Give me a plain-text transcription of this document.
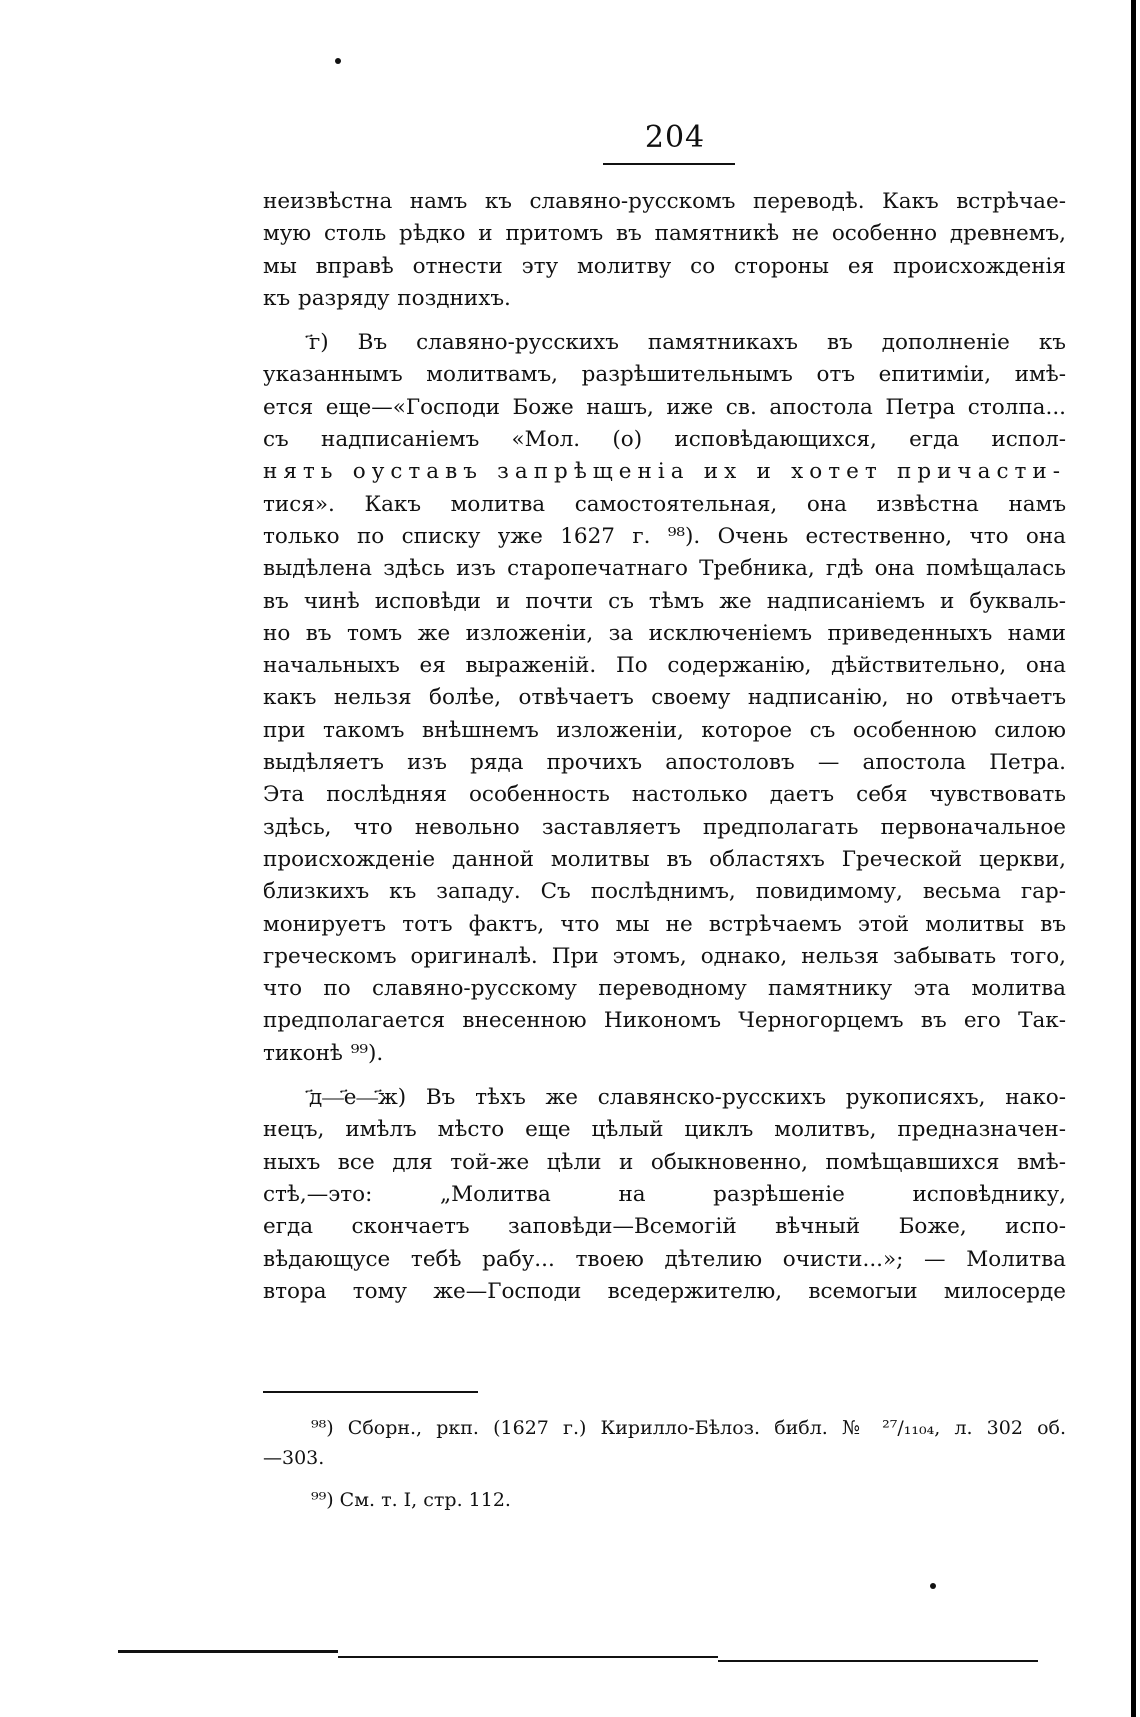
204
неизвѣстна намъ къ славяно-русскомъ переводѣ. Какъ встрѣчае-
мую столь рѣдко и притомъ въ памятникѣ не особенно древнемъ,
мы вправѣ отнести эту молитву со стороны ея происхожденія
къ разряду позднихъ.
҃г) Въ славяно-русскихъ памятникахъ въ дополненіе къ
указаннымъ молитвамъ, разрѣшительнымъ отъ епитиміи, имѣ-
ется еще—«Господи Боже нашъ, иже св. апостола Петра столпа...
съ надписаніемъ «Мол. (о) исповѣдающихся, егда испол-
нять оуставъ запрѣщеніа их и хотет причасти-
тися». Какъ молитва самостоятельная, она извѣстна намъ
только по списку уже 1627 г. ⁹⁸). Очень естественно, что она
выдѣлена здѣсь изъ старопечатнаго Требника, гдѣ она помѣщалась
въ чинѣ исповѣди и почти съ тѣмъ же надписаніемъ и букваль-
но въ томъ же изложеніи, за исключеніемъ приведенныхъ нами
начальныхъ ея выраженій. По содержанію, дѣйствительно, она
какъ нельзя болѣе, отвѣчаетъ своему надписанію, но отвѣчаетъ
при такомъ внѣшнемъ изложеніи, которое съ особенною силою
выдѣляетъ изъ ряда прочихъ апостоловъ — апостола Петра.
Эта послѣдняя особенность настолько даетъ себя чувствовать
здѣсь, что невольно заставляетъ предполагать первоначальное
происхожденіе данной молитвы въ областяхъ Греческой церкви,
близкихъ къ западу. Съ послѣднимъ, повидимому, весьма гар-
монируетъ тотъ фактъ, что мы не встрѣчаемъ этой молитвы въ
греческомъ оригиналѣ. При этомъ, однако, нельзя забывать того,
что по славяно-русскому переводному памятнику эта молитва
предполагается внесенною Никономъ Черногорцемъ въ его Так-
тиконѣ ⁹⁹).
҃д—҃е—҃ж) Въ тѣхъ же славянско-русскихъ рукописяхъ, нако-
нецъ, имѣлъ мѣсто еще цѣлый циклъ молитвъ, предназначен-
ныхъ все для той-же цѣли и обыкновенно, помѣщавшихся вмѣ-
стѣ,—это: „Молитва на разрѣшеніе исповѣднику,
егда скончаетъ заповѣди—Всемогій вѣчный Боже, испо-
вѣдающусе тебѣ рабу... твоею дѣтелию очисти...»; — Молитва
втора тому же—Господи вседержителю, всемогыи милосерде
⁹⁸) Сборн., ркп. (1627 г.) Кирилло-Бѣлоз. библ. № ²⁷/₁₁₀₄, л. 302 об.
—303.
⁹⁹) См. т. I, стр. 112.
